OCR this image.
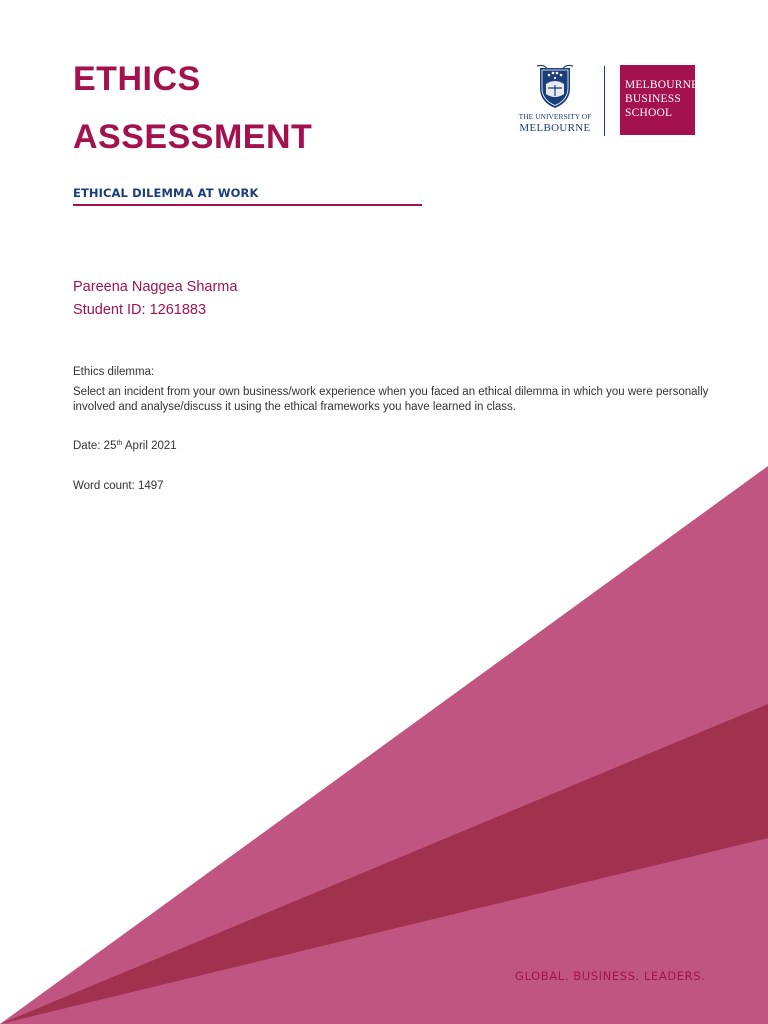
ETHICS
ASSESSMENT
ETHICAL DILEMMA AT WORK
THE UNIVERSITY OF
MELBOURNE
MELBOURNE
BUSINESS
SCHOOL
Pareena Naggea Sharma
Student ID: 1261883
Ethics dilemma:
Select an incident from your own business/work experience when you faced an ethical dilemma in which you were personally involved and analyse/discuss it using the ethical frameworks you have learned in class.
Date: 25th April 2021
Word count: 1497
GLOBAL. BUSINESS. LEADERS.
